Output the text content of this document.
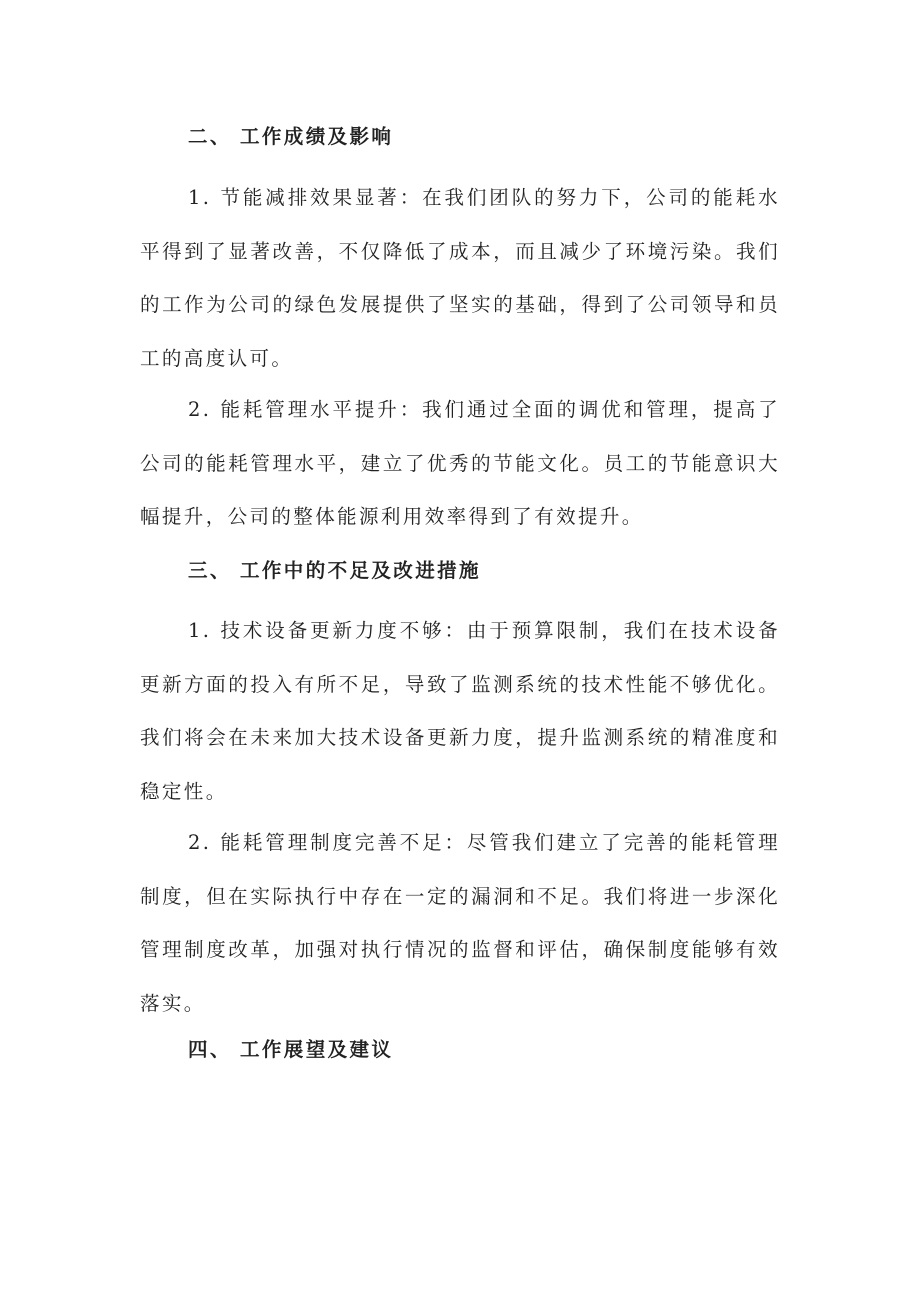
二、 工作成绩及影响

1. 节能减排效果显著：在我们团队的努力下，公司的能耗水平得到了显著改善，不仅降低了成本，而且减少了环境污染。我们的工作为公司的绿色发展提供了坚实的基础，得到了公司领导和员工的高度认可。

2. 能耗管理水平提升：我们通过全面的调优和管理，提高了公司的能耗管理水平，建立了优秀的节能文化。员工的节能意识大幅提升，公司的整体能源利用效率得到了有效提升。

三、 工作中的不足及改进措施

1. 技术设备更新力度不够：由于预算限制，我们在技术设备更新方面的投入有所不足，导致了监测系统的技术性能不够优化。我们将会在未来加大技术设备更新力度，提升监测系统的精准度和稳定性。

2. 能耗管理制度完善不足：尽管我们建立了完善的能耗管理制度，但在实际执行中存在一定的漏洞和不足。我们将进一步深化管理制度改革，加强对执行情况的监督和评估，确保制度能够有效落实。

四、 工作展望及建议
